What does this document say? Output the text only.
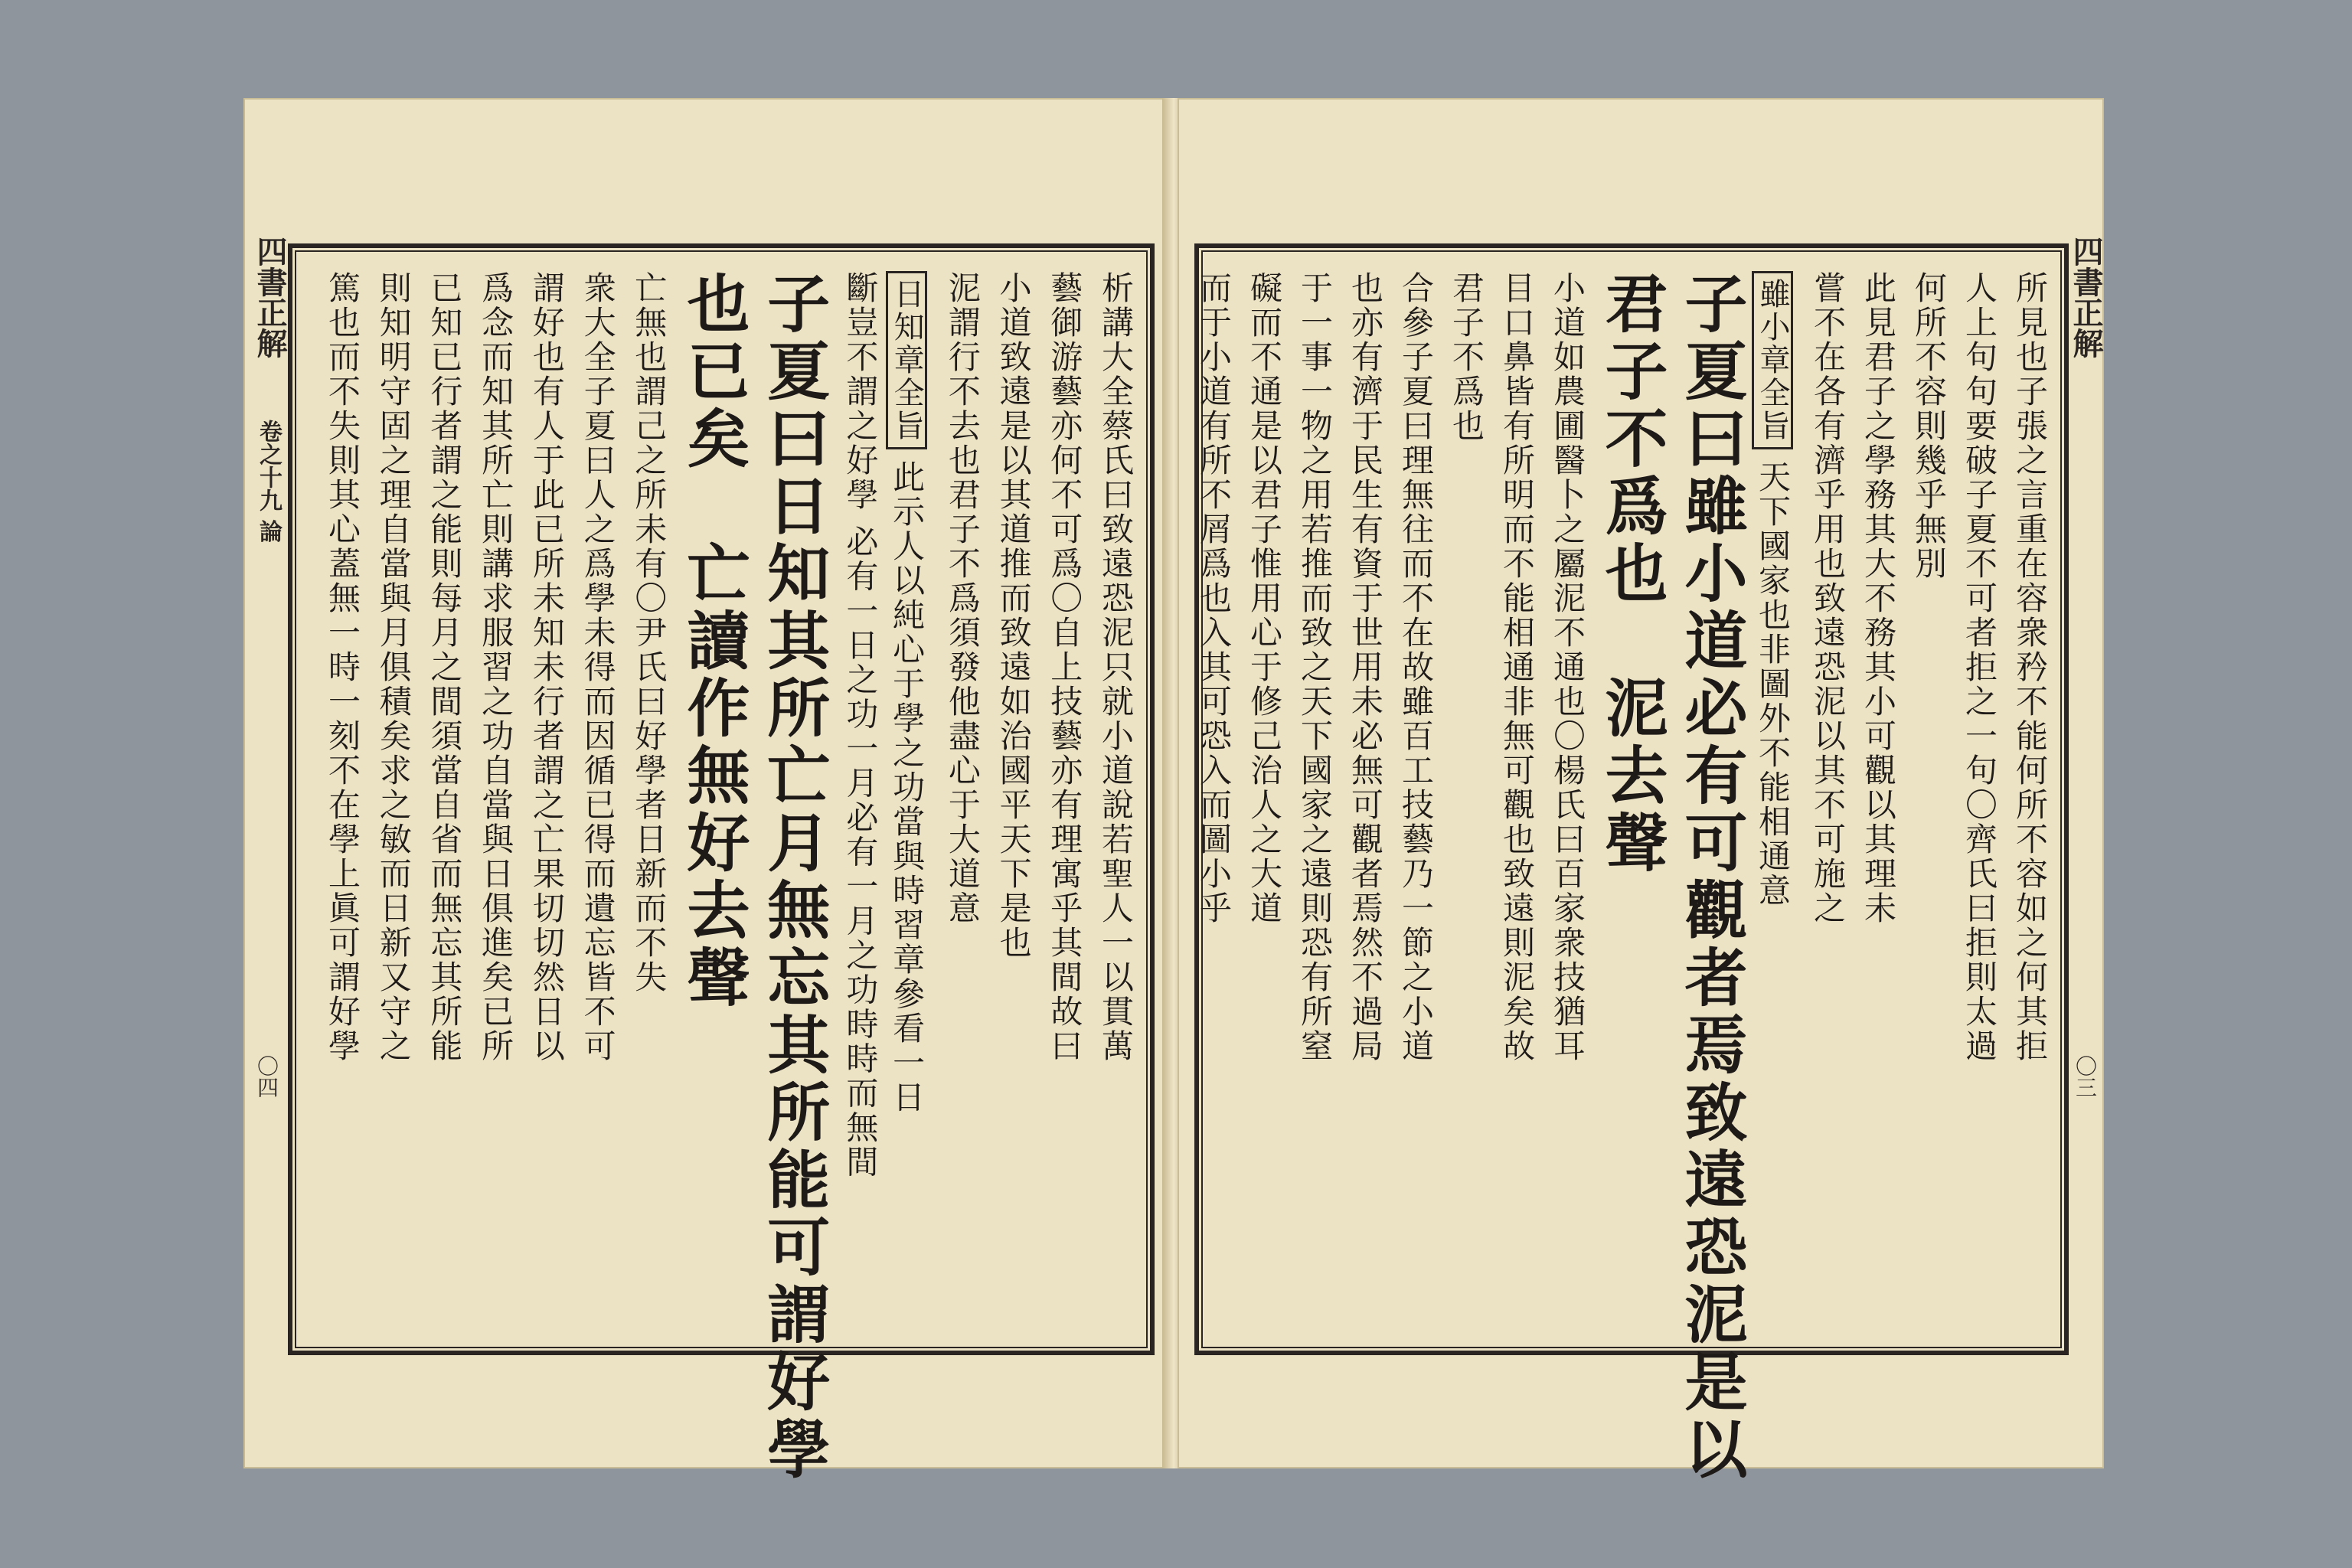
四書正解
卷之十九 論
〇四
析講大全蔡氏曰致遠恐泥只就小道說若聖人一以貫萬
藝御游藝亦何不可爲〇自上技藝亦有理寓乎其間故曰
小道致遠是以其道推而致遠如治國平天下是也
泥謂行不去也君子不爲須發他盡心于大道意
日知章全旨此示人以純心于學之功當與時習章參看一日
斷豈不謂之好學 必有一日之功一月必有一月之功時時而無間
子夏曰日知其所亡月無忘其所能可謂好學
也已矣　亡讀作無好去聲
亡無也謂己之所未有〇尹氏曰好學者日新而不失
衆大全子夏曰人之爲學未得而因循已得而遺忘皆不可
謂好也有人于此已所未知未行者謂之亡果切切然日以
爲念而知其所亡則講求服習之功自當與日俱進矣已所
已知已行者謂之能則每月之間須當自省而無忘其所能
則知明守固之理自當與月俱積矣求之敏而日新又守之
篤也而不失則其心蓋無一時一刻不在學上眞可謂好學	四書正解
〇三
所見也子張之言重在容衆矜不能何所不容如之何其拒
人上句句要破子夏不可者拒之一句〇齊氏曰拒則太過
何所不容則幾乎無別
此見君子之學務其大不務其小可觀以其理未
嘗不在各有濟乎用也致遠恐泥以其不可施之
雖小章全旨天下國家也非圖外不能相通意
子夏曰雖小道必有可觀者焉致遠恐泥是以
君子不爲也　泥去聲
小道如農圃醫卜之屬泥不通也〇楊氏曰百家衆技猶耳
目口鼻皆有所明而不能相通非無可觀也致遠則泥矣故
君子不爲也
合參子夏曰理無往而不在故雖百工技藝乃一節之小道
也亦有濟于民生有資于世用未必無可觀者焉然不過局
于一事一物之用若推而致之天下國家之遠則恐有所窒
礙而不通是以君子惟用心于修己治人之大道
而于小道有所不屑爲也入其可恐入而圖小乎
